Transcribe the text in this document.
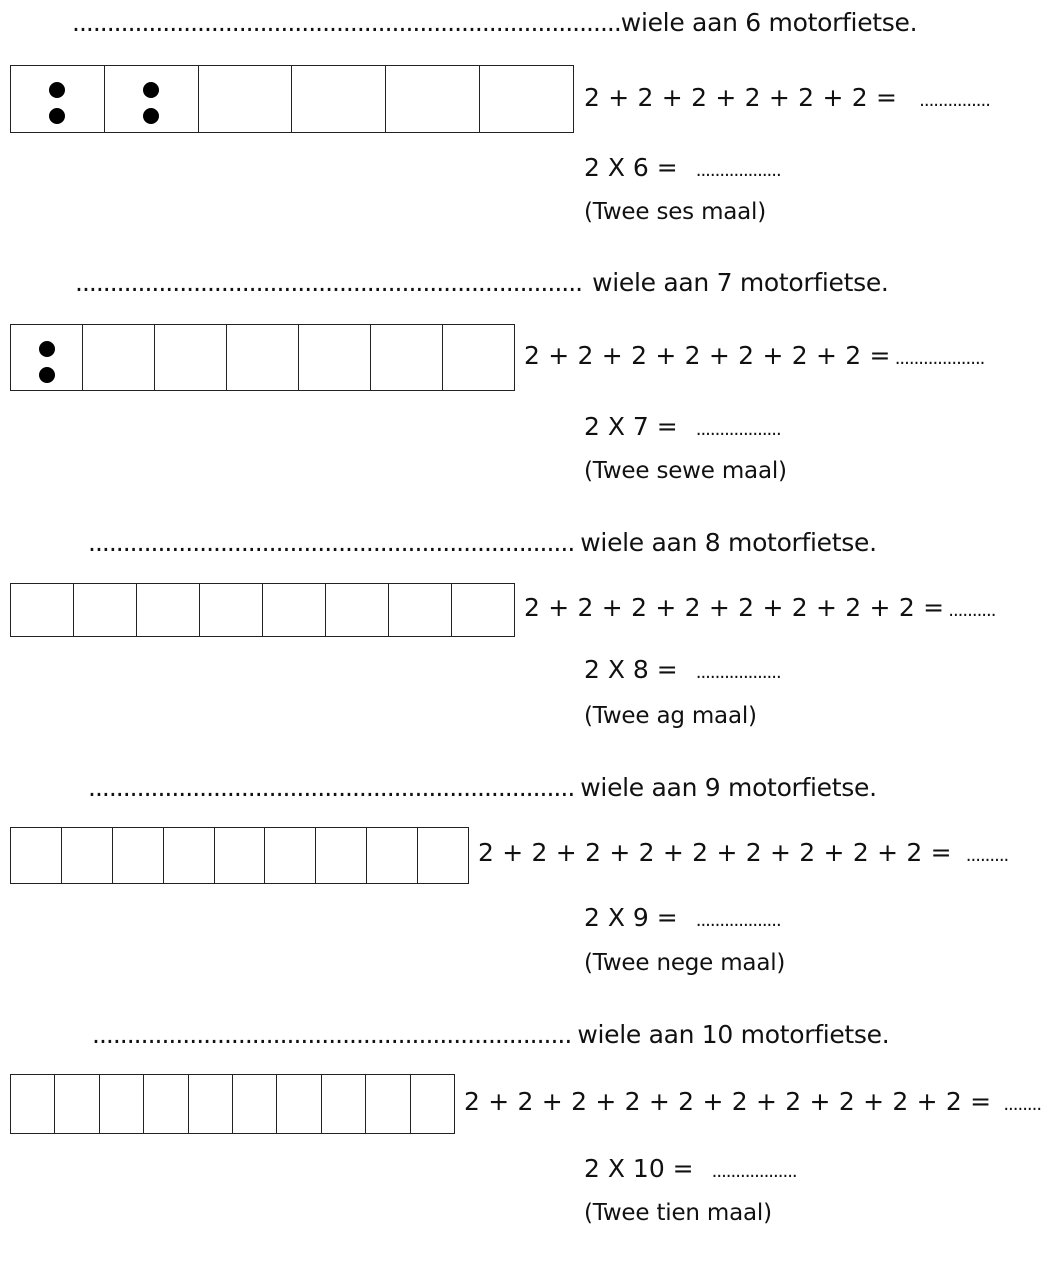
...............................................................................wiele aan 6 motorfietse.
2 + 2 + 2 + 2 + 2 + 2 = ...............
2 X 6 = ..................
(Twee ses maal)
......................................................................... wiele aan 7 motorfietse.
2 + 2 + 2 + 2 + 2 + 2 + 2 = ...................
2 X 7 = ..................
(Twee sewe maal)
...................................................................... wiele aan 8 motorfietse.
2 + 2 + 2 + 2 + 2 + 2 + 2 + 2 = ..........
2 X 8 = ..................
(Twee ag maal)
...................................................................... wiele aan 9 motorfietse.
2 + 2 + 2 + 2 + 2 + 2 + 2 + 2 + 2 = .........
2 X 9 = ..................
(Twee nege maal)
..................................................................... wiele aan 10 motorfietse.
2 + 2 + 2 + 2 + 2 + 2 + 2 + 2 + 2 + 2 = ........
2 X 10 = ..................
(Twee tien maal)
